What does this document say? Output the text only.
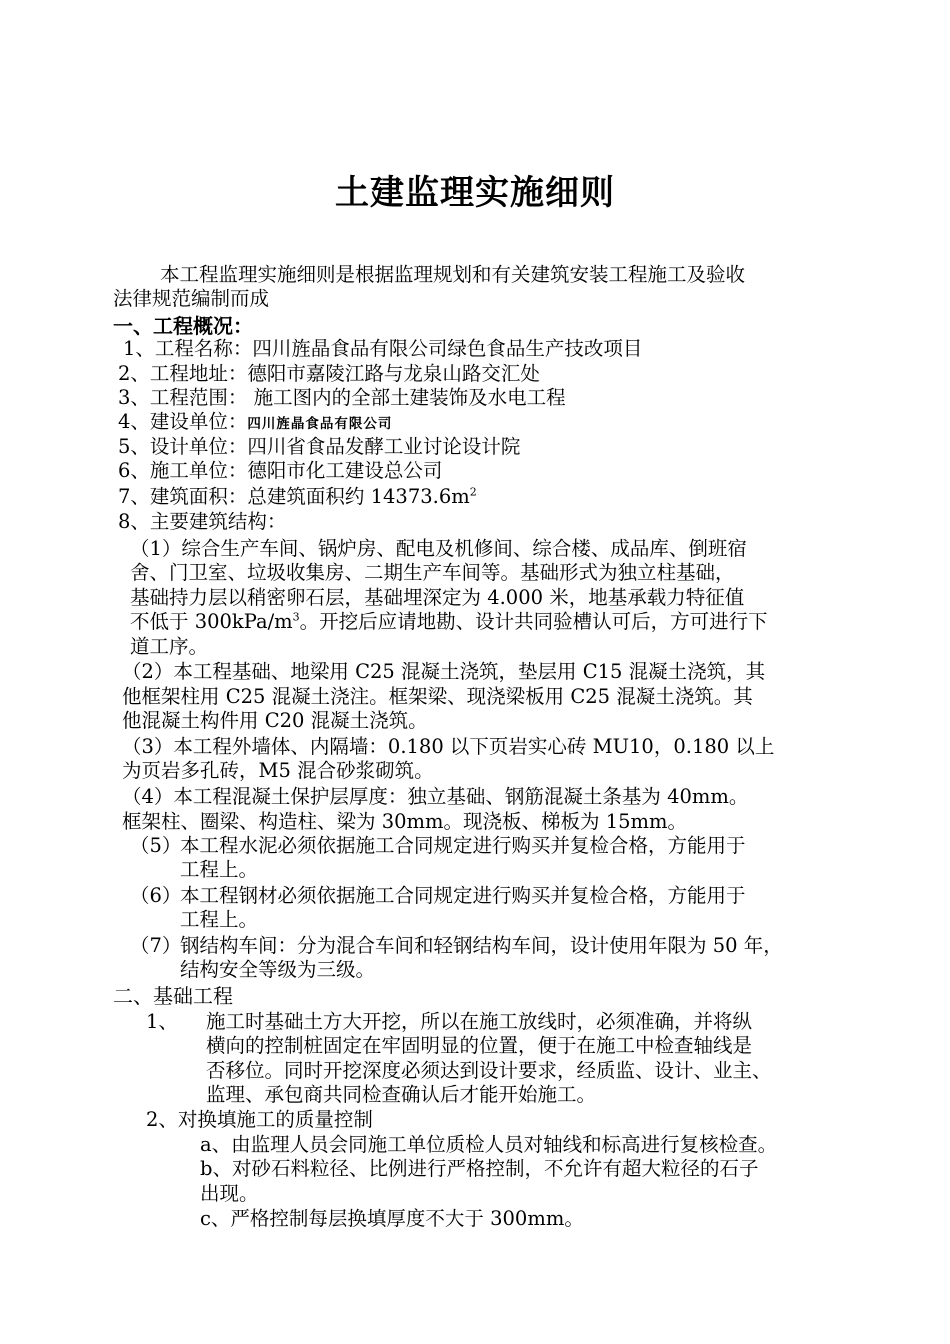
土建监理实施细则
本工程监理实施细则是根据监理规划和有关建筑安装工程施工及验收
法律规范编制而成
一、工程概况：
1、工程名称：四川旌晶食品有限公司绿色食品生产技改项目
2、工程地址：德阳市嘉陵江路与龙泉山路交汇处
3、工程范围： 施工图内的全部土建装饰及水电工程
4、建设单位：四川旌晶食品有限公司
5、设计单位：四川省食品发酵工业讨论设计院
6、施工单位：德阳市化工建设总公司
7、建筑面积：总建筑面积约 $14373.6m^2$
8、主要建筑结构：
（1）综合生产车间、锅炉房、配电及机修间、综合楼、成品库、倒班宿
舍、门卫室、垃圾收集房、二期生产车间等。基础形式为独立柱基础，
基础持力层以稍密卵石层，基础埋深定为 4.000 米，地基承载力特征值
不低于 $300kPa/m^3$。开挖后应请地勘、设计共同验槽认可后，方可进行下
道工序。
（2）本工程基础、地梁用 C25 混凝土浇筑，垫层用 C15 混凝土浇筑，其
他框架柱用 C25 混凝土浇注。框架梁、现浇梁板用 C25 混凝土浇筑。其
他混凝土构件用 C20 混凝土浇筑。
（3）本工程外墙体、内隔墙：0.180 以下页岩实心砖 MU10，0.180 以上
为页岩多孔砖，M5 混合砂浆砌筑。
（4）本工程混凝土保护层厚度：独立基础、钢筋混凝土条基为 40mm。
框架柱、圈梁、构造柱、梁为 30mm。现浇板、梯板为 15mm。
（5）
本工程水泥必须依据施工合同规定进行购买并复检合格，方能用于
工程上。
（6）
本工程钢材必须依据施工合同规定进行购买并复检合格，方能用于
工程上。
（7）
钢结构车间：分为混合车间和轻钢结构车间，设计使用年限为 50 年，
结构安全等级为三级。
二、基础工程
1、 施工时基础土方大开挖，所以在施工放线时，必须准确，并将纵
横向的控制桩固定在牢固明显的位置，便于在施工中检查轴线是
否移位。同时开挖深度必须达到设计要求，经质监、设计、业主、
监理、承包商共同检查确认后才能开始施工。
2、对换填施工的质量控制
a、由监理人员会同施工单位质检人员对轴线和标高进行复核检查。
b、对砂石料粒径、比例进行严格控制，不允许有超大粒径的石子
出现。
c、严格控制每层换填厚度不大于 300mm。
